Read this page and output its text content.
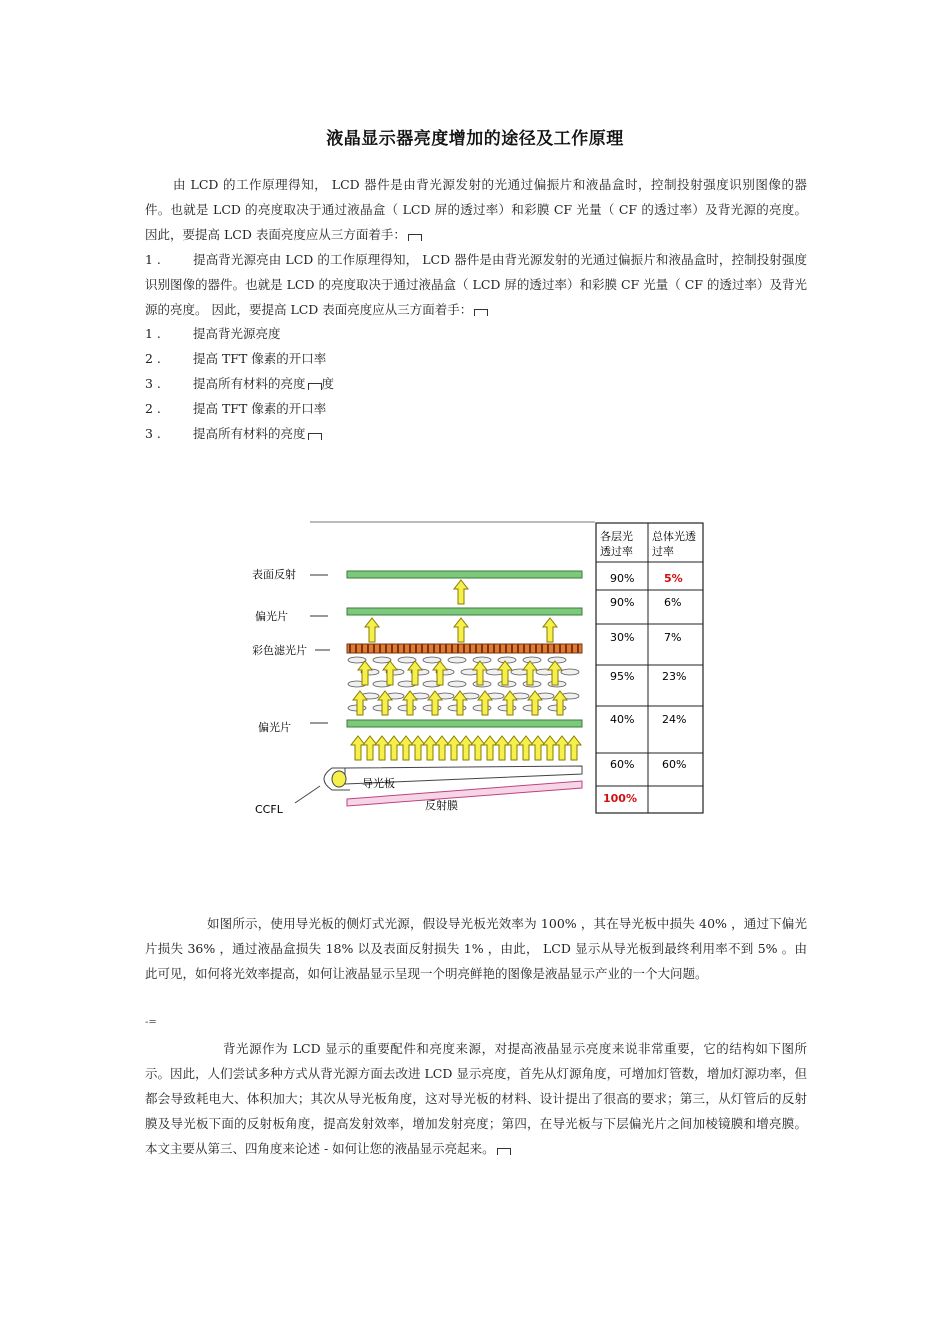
液晶显示器亮度增加的途径及工作原理

由 LCD 的工作原理得知， LCD 器件是由背光源发射的光通过偏振片和液晶盒时，控制投射强度识别图像的器件。也就是 LCD 的亮度取决于通过液晶盒（ LCD 屏的透过率）和彩膜 CF 光量（ CF 的透过率）及背光源的亮度。 因此，要提高 LCD 表面亮度应从三方面着手：

1 .	提高背光源亮由 LCD 的工作原理得知， LCD 器件是由背光源发射的光通过偏振片和液晶盒时，控制投射强度识别图像的器件。也就是 LCD 的亮度取决于通过液晶盒（ LCD 屏的透过率）和彩膜 CF 光量（ CF 的透过率）及背光源的亮度。 因此，要提高 LCD 表面亮度应从三方面着手：

1 .	提高背光源亮度
2 .	提高 TFT 像素的开口率
3 .	提高所有材料的亮度 度
2 .	提高 TFT 像素的开口率
3 .	提高所有材料的亮度
表面反射
偏光片
彩色滤光片
偏光片
CCFL
导光板
反射膜
各层光透过率
总体光透过率
90%	5%
90%	6%
30%	7%
95%	23%
40%	24%
60%	60%
100%

如图所示，使用导光板的侧灯式光源，假设导光板光效率为 100% ，其在导光板中损失 40% ，通过下偏光片损失 36% ，通过液晶盒损失 18% 以及表面反射损失 1% ，由此， LCD 显示从导光板到最终利用率不到 5% 。由此可见，如何将光效率提高，如何让液晶显示呈现一个明亮鲜艳的图像是液晶显示产业的一个大问题。

-=

背光源作为 LCD 显示的重要配件和亮度来源，对提高液晶显示亮度来说非常重要，它的结构如下图所示。因此，人们尝试多种方式从背光源方面去改进 LCD 显示亮度，首先从灯源角度，可增加灯管数，增加灯源功率，但都会导致耗电大、体积加大；其次从导光板角度，这对导光板的材料、设计提出了很高的要求；第三，从灯管后的反射膜及导光板下面的反射板角度，提高发射效率，增加发射亮度；第四，在导光板与下层偏光片之间加棱镜膜和增亮膜。本文主要从第三、四角度来论述 - 如何让您的液晶显示亮起来。
